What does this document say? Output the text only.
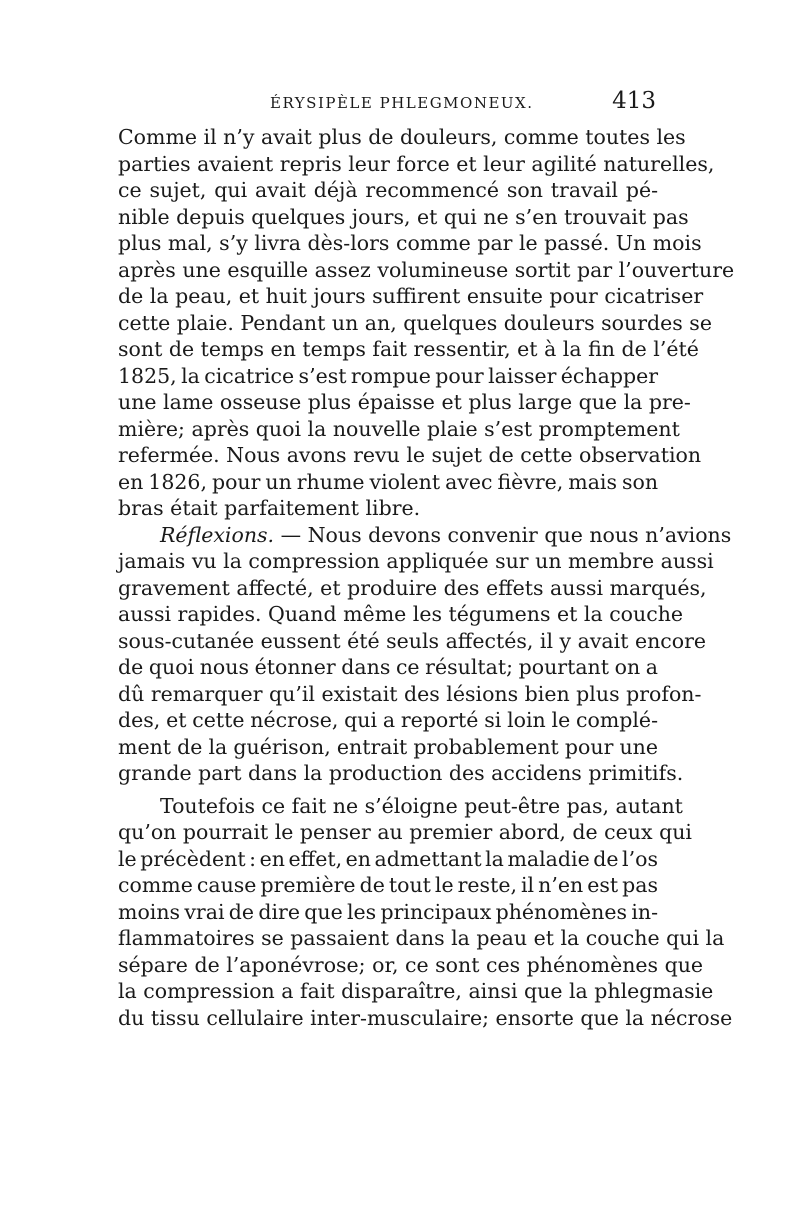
ÉRYSIPÈLE PHLEGMONEUX.	413
Comme il n’y avait plus de douleurs, comme toutes les
parties avaient repris leur force et leur agilité naturelles,
ce sujet, qui avait déjà recommencé son travail pé-
nible depuis quelques jours, et qui ne s’en trouvait pas
plus mal, s’y livra dès-lors comme par le passé. Un mois
après une esquille assez volumineuse sortit par l’ouverture
de la peau, et huit jours suffirent ensuite pour cicatriser
cette plaie. Pendant un an, quelques douleurs sourdes se
sont de temps en temps fait ressentir, et à la fin de l’été
1825, la cicatrice s’est rompue pour laisser échapper
une lame osseuse plus épaisse et plus large que la pre-
mière; après quoi la nouvelle plaie s’est promptement
refermée. Nous avons revu le sujet de cette observation
en 1826, pour un rhume violent avec fièvre, mais son
bras était parfaitement libre.
Réflexions. — Nous devons convenir que nous n’avions
jamais vu la compression appliquée sur un membre aussi
gravement affecté, et produire des effets aussi marqués,
aussi rapides. Quand même les tégumens et la couche
sous-cutanée eussent été seuls affectés, il y avait encore
de quoi nous étonner dans ce résultat; pourtant on a
dû remarquer qu’il existait des lésions bien plus profon-
des, et cette nécrose, qui a reporté si loin le complé-
ment de la guérison, entrait probablement pour une
grande part dans la production des accidens primitifs.
Toutefois ce fait ne s’éloigne peut-être pas, autant
qu’on pourrait le penser au premier abord, de ceux qui
le précèdent : en effet, en admettant la maladie de l’os
comme cause première de tout le reste, il n’en est pas
moins vrai de dire que les principaux phénomènes in-
flammatoires se passaient dans la peau et la couche qui la
sépare de l’aponévrose; or, ce sont ces phénomènes que
la compression a fait disparaître, ainsi que la phlegmasie
du tissu cellulaire inter-musculaire; ensorte que la nécrose
